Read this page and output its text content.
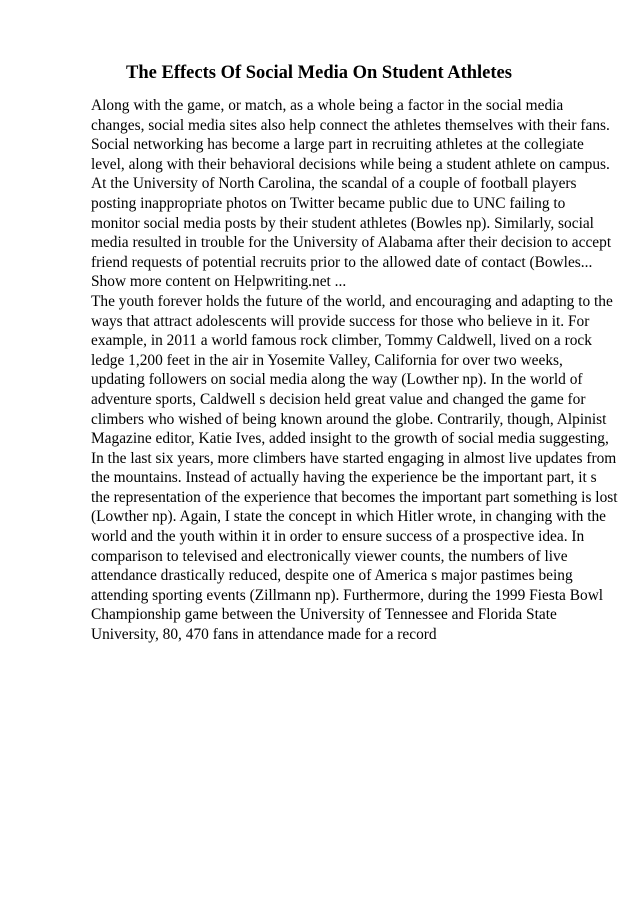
The Effects Of Social Media On Student Athletes
Along with the game, or match, as a whole being a factor in the social media
changes, social media sites also help connect the athletes themselves with their fans.
Social networking has become a large part in recruiting athletes at the collegiate
level, along with their behavioral decisions while being a student athlete on campus.
At the University of North Carolina, the scandal of a couple of football players
posting inappropriate photos on Twitter became public due to UNC failing to
monitor social media posts by their student athletes (Bowles np). Similarly, social
media resulted in trouble for the University of Alabama after their decision to accept
friend requests of potential recruits prior to the allowed date of contact (Bowles...
Show more content on Helpwriting.net ...
The youth forever holds the future of the world, and encouraging and adapting to the
ways that attract adolescents will provide success for those who believe in it. For
example, in 2011 a world famous rock climber, Tommy Caldwell, lived on a rock
ledge 1,200 feet in the air in Yosemite Valley, California for over two weeks,
updating followers on social media along the way (Lowther np). In the world of
adventure sports, Caldwell s decision held great value and changed the game for
climbers who wished of being known around the globe. Contrarily, though, Alpinist
Magazine editor, Katie Ives, added insight to the growth of social media suggesting,
In the last six years, more climbers have started engaging in almost live updates from
the mountains. Instead of actually having the experience be the important part, it s
the representation of the experience that becomes the important part something is lost
(Lowther np). Again, I state the concept in which Hitler wrote, in changing with the
world and the youth within it in order to ensure success of a prospective idea. In
comparison to televised and electronically viewer counts, the numbers of live
attendance drastically reduced, despite one of America s major pastimes being
attending sporting events (Zillmann np). Furthermore, during the 1999 Fiesta Bowl
Championship game between the University of Tennessee and Florida State
University, 80, 470 fans in attendance made for a record
